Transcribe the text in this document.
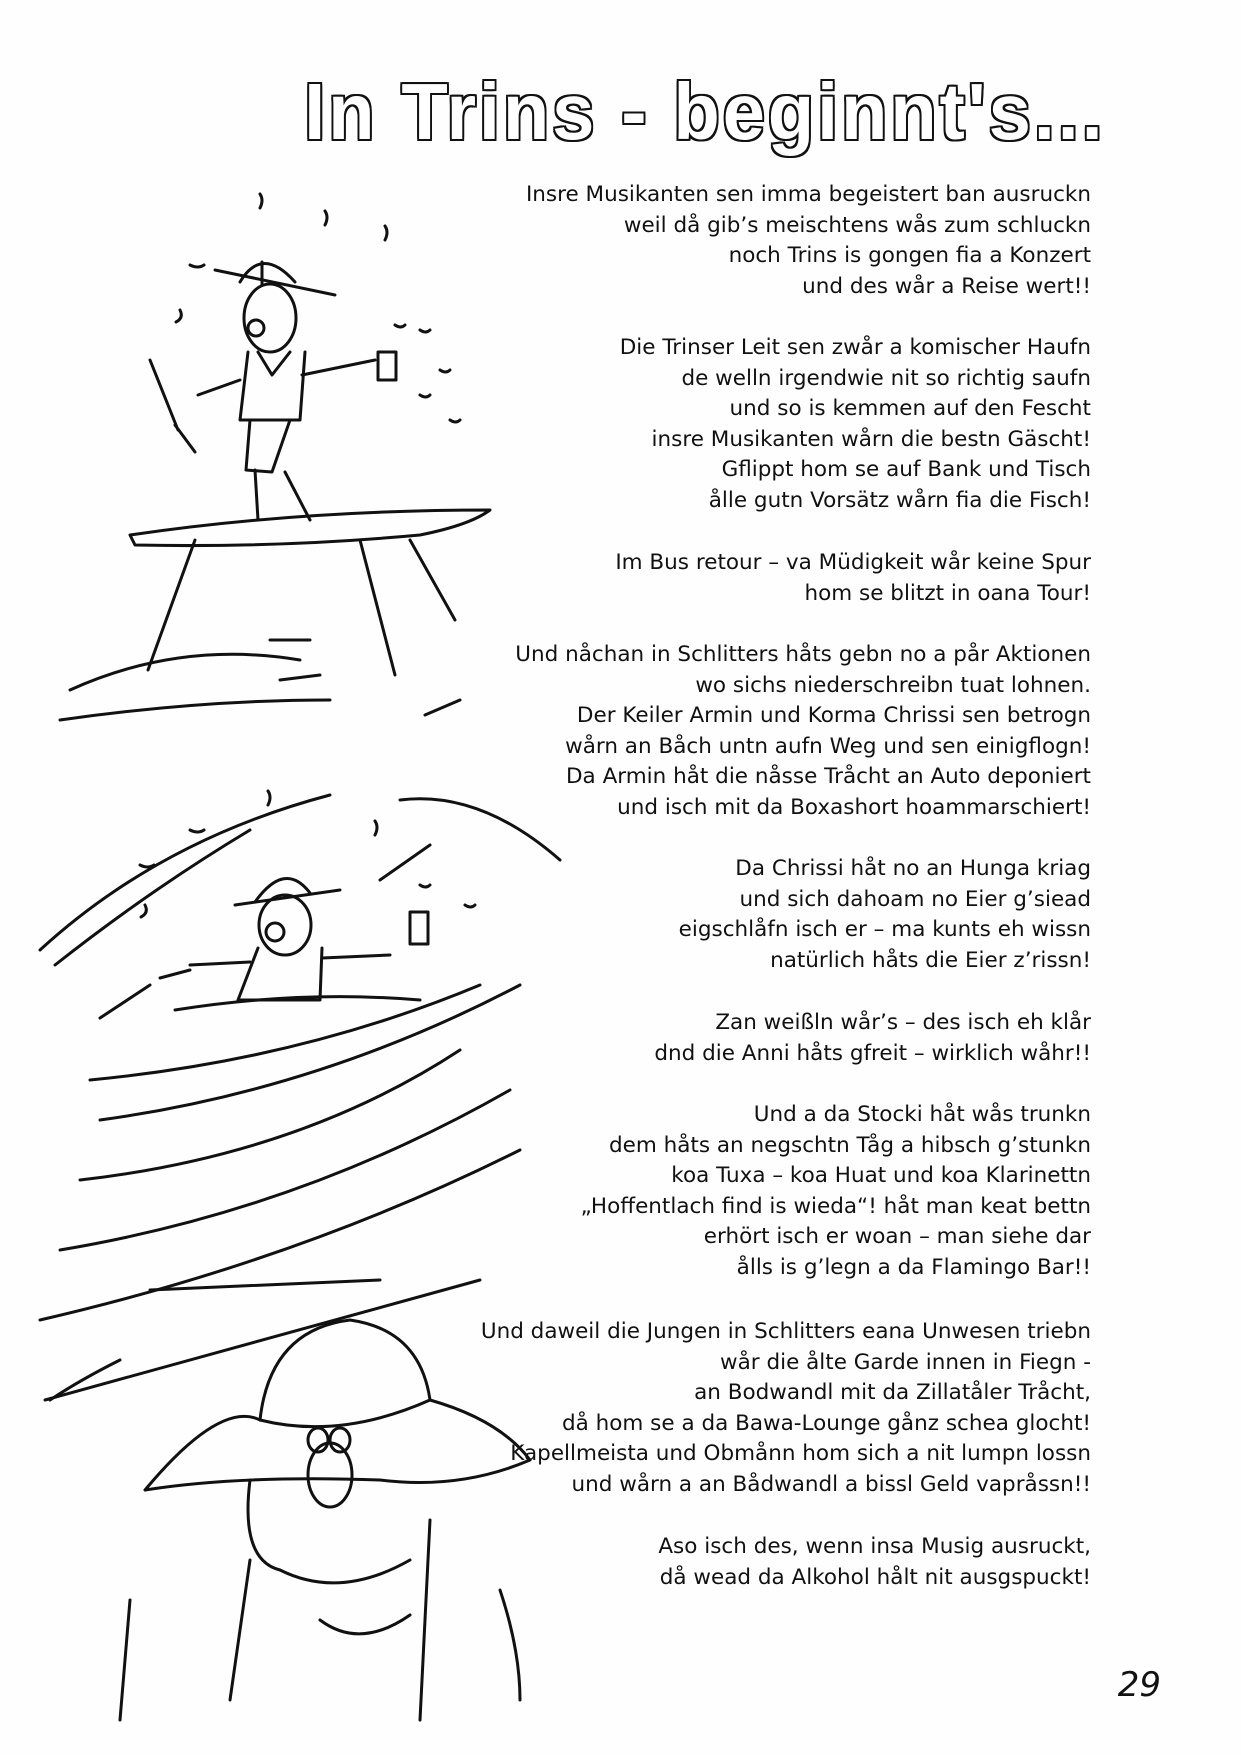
In Trins - beginnt's...
Insre Musikanten sen imma begeistert ban ausruckn
weil då gib’s meischtens wås zum schluckn
noch Trins is gongen fia a Konzert
und des wår a Reise wert!!
Die Trinser Leit sen zwår a komischer Haufn
de welln irgendwie nit so richtig saufn
und so is kemmen auf den Fescht
insre Musikanten wårn die bestn Gäscht!
Gflippt hom se auf Bank und Tisch
ålle gutn Vorsätz wårn fia die Fisch!
Im Bus retour – va Müdigkeit wår keine Spur
hom se blitzt in oana Tour!
Und nåchan in Schlitters håts gebn no a pår Aktionen
wo sichs niederschreibn tuat lohnen.
Der Keiler Armin und Korma Chrissi sen betrogn
wårn an Båch untn aufn Weg und sen einigflogn!
Da Armin håt die nåsse Tråcht an Auto deponiert
und isch mit da Boxashort hoammarschiert!
Da Chrissi håt no an Hunga kriag
und sich dahoam no Eier g’siead
eigschlåfn isch er – ma kunts eh wissn
natürlich håts die Eier z’rissn!
Zan weißln wår’s – des isch eh klår
dnd die Anni håts gfreit – wirklich wåhr!!
Und a da Stocki håt wås trunkn
dem håts an negschtn Tåg a hibsch g’stunkn
koa Tuxa – koa Huat und koa Klarinettn
„Hoffentlach find is wieda“! håt man keat bettn
erhört isch er woan – man siehe dar
ålls is g’legn a da Flamingo Bar!!
Und daweil die Jungen in Schlitters eana Unwesen triebn
wår die ålte Garde innen in Fiegn -
an Bodwandl mit da Zillatåler Tråcht,
då hom se a da Bawa-Lounge gånz schea glocht!
Kapellmeista und Obmånn hom sich a nit lumpn lossn
und wårn a an Bådwandl a bissl Geld vapråssn!!
Aso isch des, wenn insa Musig ausruckt,
då wead da Alkohol hålt nit ausgspuckt!
29
